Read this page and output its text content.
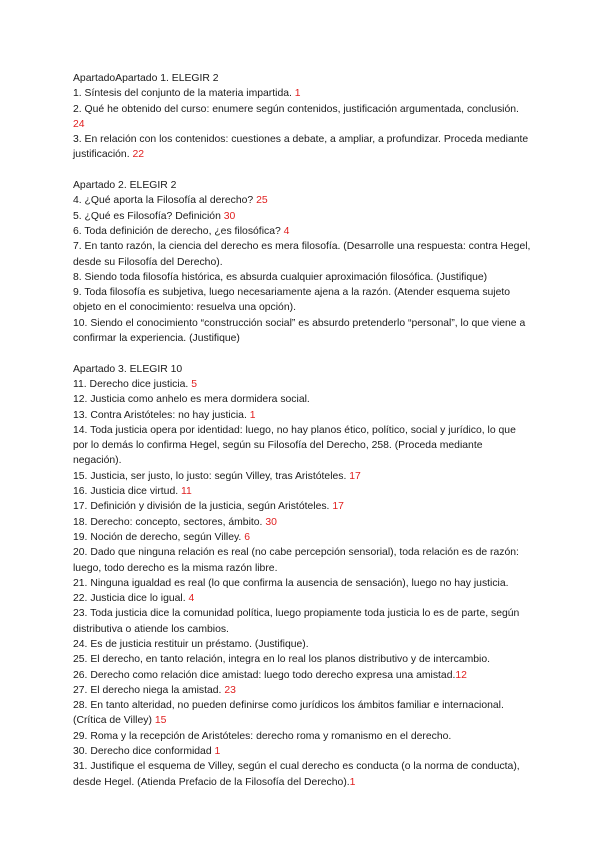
ApartadoApartado 1. ELEGIR 2

1. Síntesis del conjunto de la materia impartida. 1

2. Qué he obtenido del curso: enumere según contenidos, justificación argumentada, conclusión. 24

3. En relación con los contenidos: cuestiones a debate, a ampliar, a profundizar. Proceda mediante justificación. 22

Apartado 2. ELEGIR 2

4. ¿Qué aporta la Filosofía al derecho? 25

5. ¿Qué es Filosofía? Definición 30

6. Toda definición de derecho, ¿es filosófica? 4

7. En tanto razón, la ciencia del derecho es mera filosofía. (Desarrolle una respuesta: contra Hegel, desde su Filosofía del Derecho).

8. Siendo toda filosofía histórica, es absurda cualquier aproximación filosófica. (Justifique)

9. Toda filosofía es subjetiva, luego necesariamente ajena a la razón. (Atender esquema sujeto objeto en el conocimiento: resuelva una opción).

10. Siendo el conocimiento “construcción social” es absurdo pretenderlo “personal”, lo que viene a confirmar la experiencia. (Justifique)

Apartado 3. ELEGIR 10

11. Derecho dice justicia. 5

12. Justicia como anhelo es mera dormidera social.

13. Contra Aristóteles: no hay justicia. 1

14. Toda justicia opera por identidad: luego, no hay planos ético, político, social y jurídico, lo que por lo demás lo confirma Hegel, según su Filosofía del Derecho, 258. (Proceda mediante negación).

15. Justicia, ser justo, lo justo: según Villey, tras Aristóteles. 17

16. Justicia dice virtud. 11

17. Definición y división de la justicia, según Aristóteles. 17

18. Derecho: concepto, sectores, ámbito. 30

19. Noción de derecho, según Villey. 6

20. Dado que ninguna relación es real (no cabe percepción sensorial), toda relación es de razón: luego, todo derecho es la misma razón libre.

21. Ninguna igualdad es real (lo que confirma la ausencia de sensación), luego no hay justicia.

22. Justicia dice lo igual. 4

23. Toda justicia dice la comunidad política, luego propiamente toda justicia lo es de parte, según distributiva o atiende los cambios.

24. Es de justicia restituir un préstamo. (Justifique).

25. El derecho, en tanto relación, integra en lo real los planos distributivo y de intercambio.

26. Derecho como relación dice amistad: luego todo derecho expresa una amistad.12

27. El derecho niega la amistad. 23

28. En tanto alteridad, no pueden definirse como jurídicos los ámbitos familiar e internacional. (Crítica de Villey) 15

29. Roma y la recepción de Aristóteles: derecho roma y romanismo en el derecho.

30. Derecho dice conformidad 1

31. Justifique el esquema de Villey, según el cual derecho es conducta (o la norma de conducta), desde Hegel. (Atienda Prefacio de la Filosofía del Derecho).1
